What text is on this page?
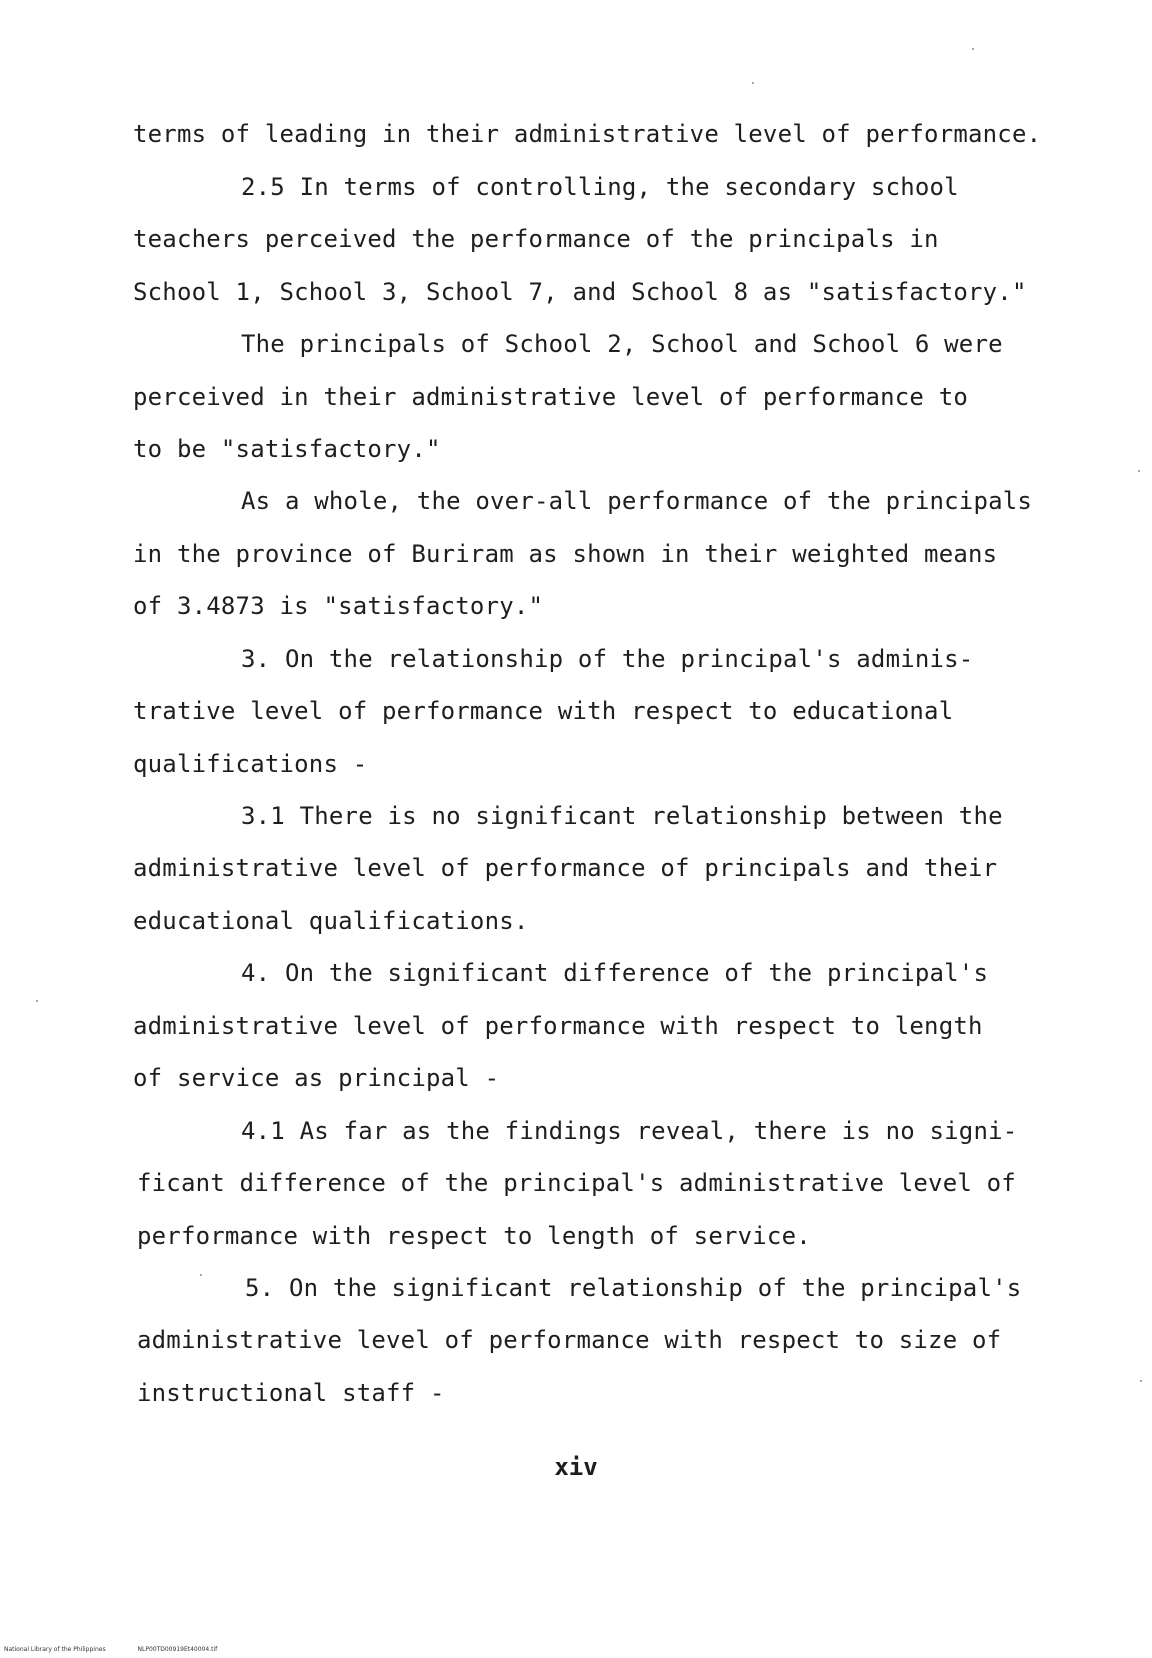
terms of leading in their administrative level of performance.
2.5 In terms of controlling, the secondary school
teachers perceived the performance of the principals in
School 1, School 3, School 7, and School 8 as "satisfactory."
The principals of School 2, School and School 6 were
perceived in their administrative level of performance to
to be "satisfactory."
As a whole, the over-all performance of the principals
in the province of Buriram as shown in their weighted means
of 3.4873 is "satisfactory."
3. On the relationship of the principal's adminis-
trative level of performance with respect to educational
qualifications -
3.1 There is no significant relationship between the
administrative level of performance of principals and their
educational qualifications.
4. On the significant difference of the principal's
administrative level of performance with respect to length
of service as principal -
4.1 As far as the findings reveal, there is no signi-
ficant difference of the principal's administrative level of
performance with respect to length of service.
5. On the significant relationship of the principal's
administrative level of performance with respect to size of
instructional staff -
xiv
National Library of the Philippines	NLP00TD00919Et40004.tif
